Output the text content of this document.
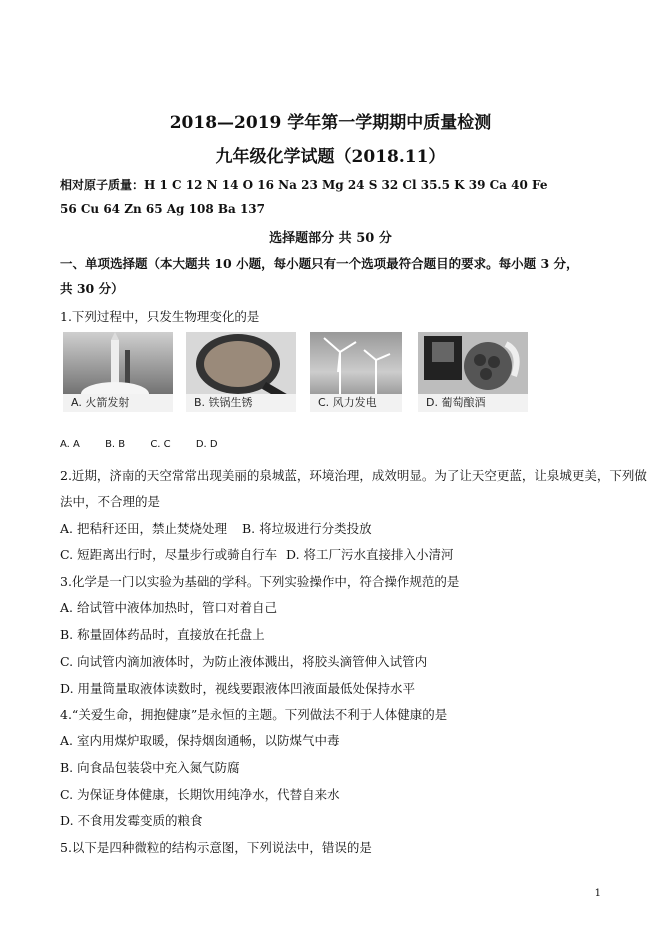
2018—2019 学年第一学期期中质量检测
九年级化学试题（2018.11）
相对原子质量：H 1 C 12 N 14 O 16 Na 23 Mg 24 S 32 Cl 35.5 K 39 Ca 40 Fe
56 Cu 64 Zn 65 Ag 108 Ba 137
选择题部分 共 50 分
一、单项选择题（本大题共 10 小题，每小题只有一个选项最符合题目的要求。每小题 3 分，
共 30 分）
1.下列过程中，只发生物理变化的是
A. 火箭发射	B. 铁锅生锈	C. 风力发电	D. 葡萄酿酒
A. A	B. B	C. C	D. D
2.近期，济南的天空常常出现美丽的泉城蓝，环境治理，成效明显。为了让天空更蓝，让泉城更美，下列做
法中，不合理的是
A. 把秸秆还田，禁止焚烧处理 B. 将垃圾进行分类投放
C. 短距离出行时，尽量步行或骑自行车 D. 将工厂污水直接排入小清河
3.化学是一门以实验为基础的学科。下列实验操作中，符合操作规范的是
A. 给试管中液体加热时，管口对着自己
B. 称量固体药品时，直接放在托盘上
C. 向试管内滴加液体时，为防止液体溅出，将胶头滴管伸入试管内
D. 用量筒量取液体读数时，视线要跟液体凹液面最低处保持水平
4.“关爱生命，拥抱健康”是永恒的主题。下列做法不利于人体健康的是
A. 室内用煤炉取暖，保持烟囱通畅，以防煤气中毒
B. 向食品包装袋中充入氮气防腐
C. 为保证身体健康，长期饮用纯净水，代替自来水
D. 不食用发霉变质的粮食
5.以下是四种微粒的结构示意图，下列说法中，错误的是
1
